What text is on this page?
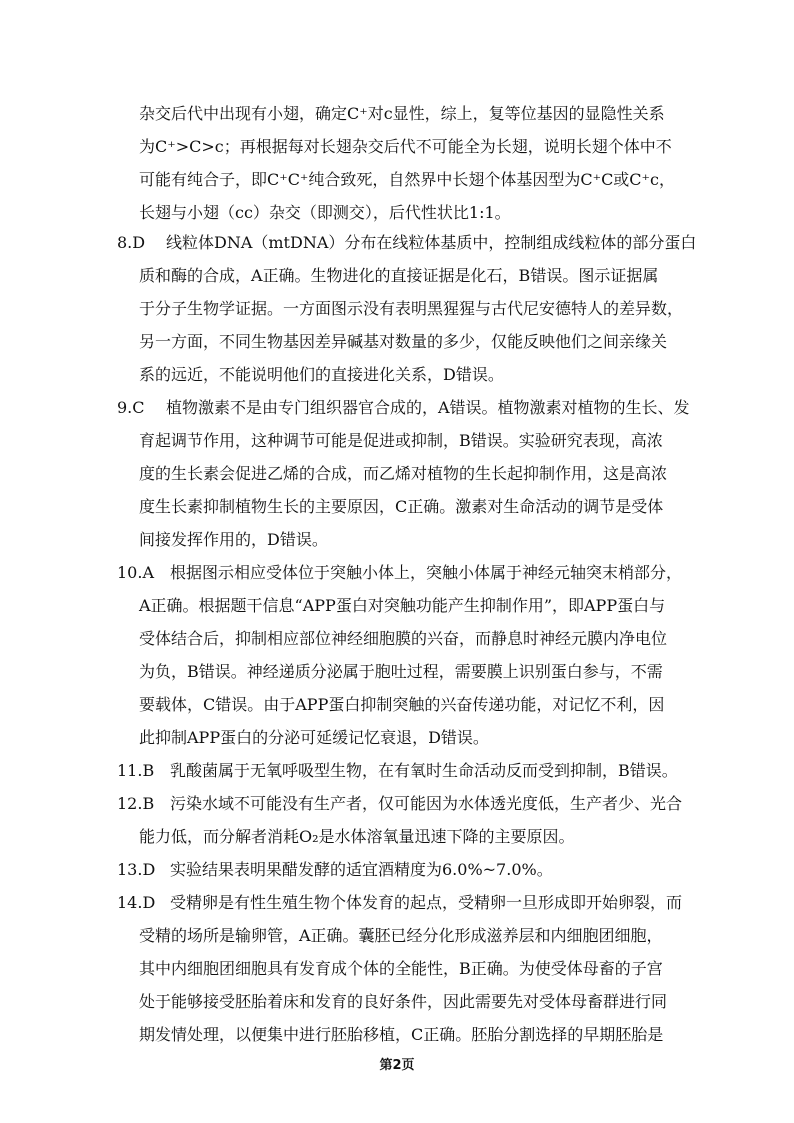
杂交后代中出现有小翅，确定C⁺对c显性，综上，复等位基因的显隐性关系
为C⁺>C>c；再根据每对长翅杂交后代不可能全为长翅，说明长翅个体中不
可能有纯合子，即C⁺C⁺纯合致死，自然界中长翅个体基因型为C⁺C或C⁺c，
长翅与小翅（cc）杂交（即测交），后代性状比1:1。
8.D 线粒体DNA（mtDNA）分布在线粒体基质中，控制组成线粒体的部分蛋白
质和酶的合成，A正确。生物进化的直接证据是化石，B错误。图示证据属
于分子生物学证据。一方面图示没有表明黑猩猩与古代尼安德特人的差异数，
另一方面，不同生物基因差异碱基对数量的多少，仅能反映他们之间亲缘关
系的远近，不能说明他们的直接进化关系，D错误。
9.C 植物激素不是由专门组织器官合成的，A错误。植物激素对植物的生长、发
育起调节作用，这种调节可能是促进或抑制，B错误。实验研究表现，高浓
度的生长素会促进乙烯的合成，而乙烯对植物的生长起抑制作用，这是高浓
度生长素抑制植物生长的主要原因，C正确。激素对生命活动的调节是受体
间接发挥作用的，D错误。
10.A 根据图示相应受体位于突触小体上，突触小体属于神经元轴突末梢部分，
A正确。根据题干信息“APP蛋白对突触功能产生抑制作用”，即APP蛋白与
受体结合后，抑制相应部位神经细胞膜的兴奋，而静息时神经元膜内净电位
为负，B错误。神经递质分泌属于胞吐过程，需要膜上识别蛋白参与，不需
要载体，C错误。由于APP蛋白抑制突触的兴奋传递功能，对记忆不利，因
此抑制APP蛋白的分泌可延缓记忆衰退，D错误。
11.B 乳酸菌属于无氧呼吸型生物，在有氧时生命活动反而受到抑制，B错误。
12.B 污染水域不可能没有生产者，仅可能因为水体透光度低，生产者少、光合
能力低，而分解者消耗O₂是水体溶氧量迅速下降的主要原因。
13.D 实验结果表明果醋发酵的适宜酒精度为6.0%~7.0%。
14.D 受精卵是有性生殖生物个体发育的起点，受精卵一旦形成即开始卵裂，而
受精的场所是输卵管，A正确。囊胚已经分化形成滋养层和内细胞团细胞，
其中内细胞团细胞具有发育成个体的全能性，B正确。为使受体母畜的子宫
处于能够接受胚胎着床和发育的良好条件，因此需要先对受体母畜群进行同
期发情处理，以便集中进行胚胎移植，C正确。胚胎分割选择的早期胚胎是
第2页
